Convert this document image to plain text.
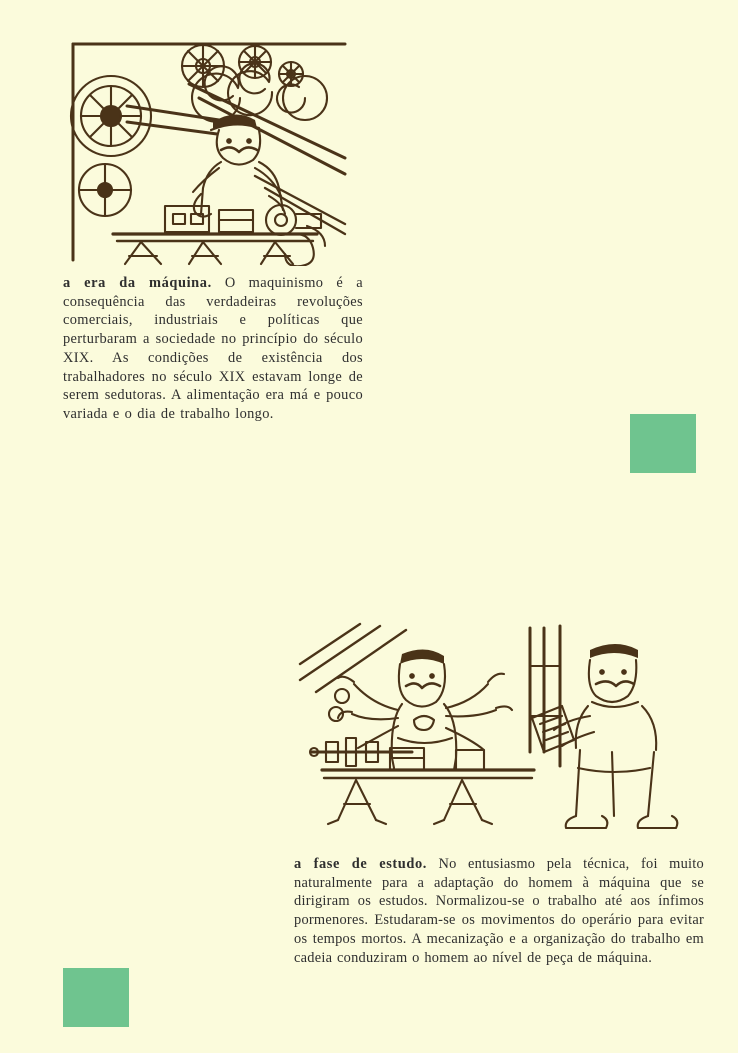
a era da máquina. O maquinismo é a consequência das verdadeiras revoluções comerciais, industriais e políticas que perturbaram a sociedade no princípio do século XIX. As condições de existência dos trabalhadores no século XIX estavam longe de serem sedutoras. A alimentação era má e pouco variada e o dia de trabalho longo.

a fase de estudo. No entusiasmo pela técnica, foi muito naturalmente para a adaptação do homem à máquina que se dirigiram os estudos. Normalizou-se o trabalho até aos ínfimos pormenores. Estudaram-se os movimentos do operário para evitar os tempos mortos. A mecanização e a organização do trabalho em cadeia conduziram o homem ao nível de peça de máquina.
